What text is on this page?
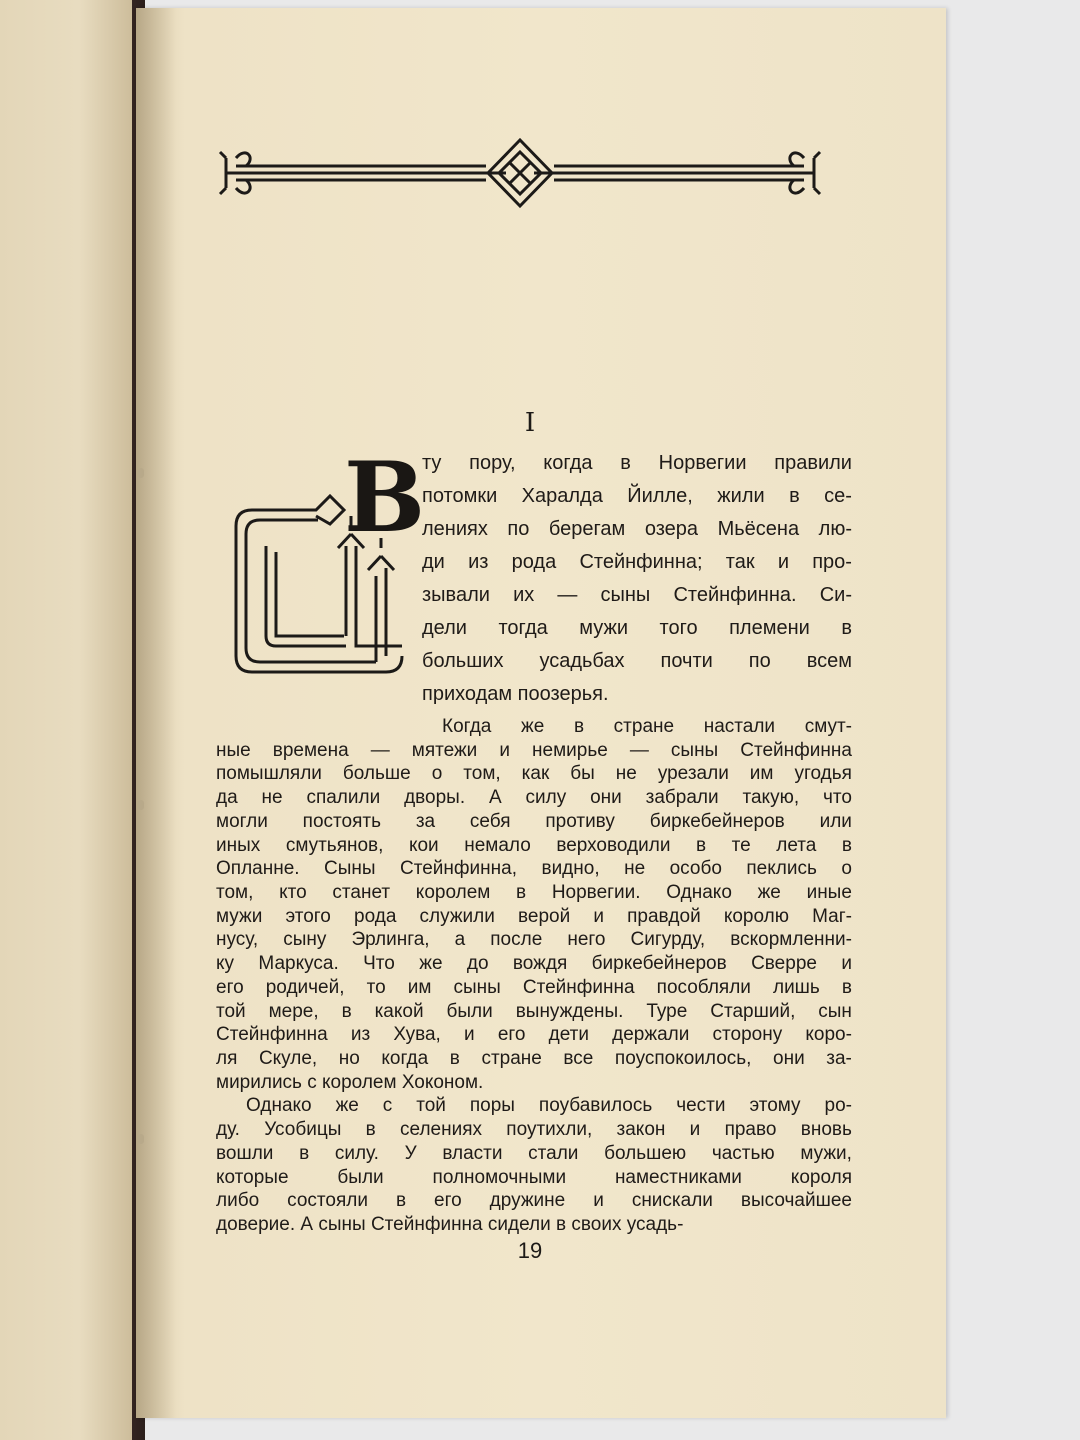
I
В
ту пору, когда в Норвегии правили
потомки Харалда Йилле, жили в се-
лениях по берегам озера Мьёсена лю-
ди из рода Стейнфинна; так и про-
зывали их — сыны Стейнфинна. Си-
дели тогда мужи того племени в
больших усадьбах почти по всем
приходам поозерья.
Когда же в стране настали смут-
ные времена — мятежи и немирье — сыны Стейнфинна
помышляли больше о том, как бы не урезали им угодья
да не спалили дворы. А силу они забрали такую, что
могли постоять за себя противу биркебейнеров или
иных смутьянов, кои немало верховодили в те лета в
Опланне. Сыны Стейнфинна, видно, не особо пеклись о
том, кто станет королем в Норвегии. Однако же иные
мужи этого рода служили верой и правдой королю Маг-
нусу, сыну Эрлинга, а после него Сигурду, вскормленни-
ку Маркуса. Что же до вождя биркебейнеров Сверре и
его родичей, то им сыны Стейнфинна пособляли лишь в
той мере, в какой были вынуждены. Туре Старший, сын
Стейнфинна из Хува, и его дети держали сторону коро-
ля Скуле, но когда в стране все поуспокоилось, они за-
мирились с королем Хоконом.
Однако же с той поры поубавилось чести этому ро-
ду. Усобицы в селениях поутихли, закон и право вновь
вошли в силу. У власти стали большею частью мужи,
которые	были	полномочными	наместниками	короля
либо состояли в его дружине и снискали высочайшее
доверие. А сыны Стейнфинна сидели в своих усадь-
19
